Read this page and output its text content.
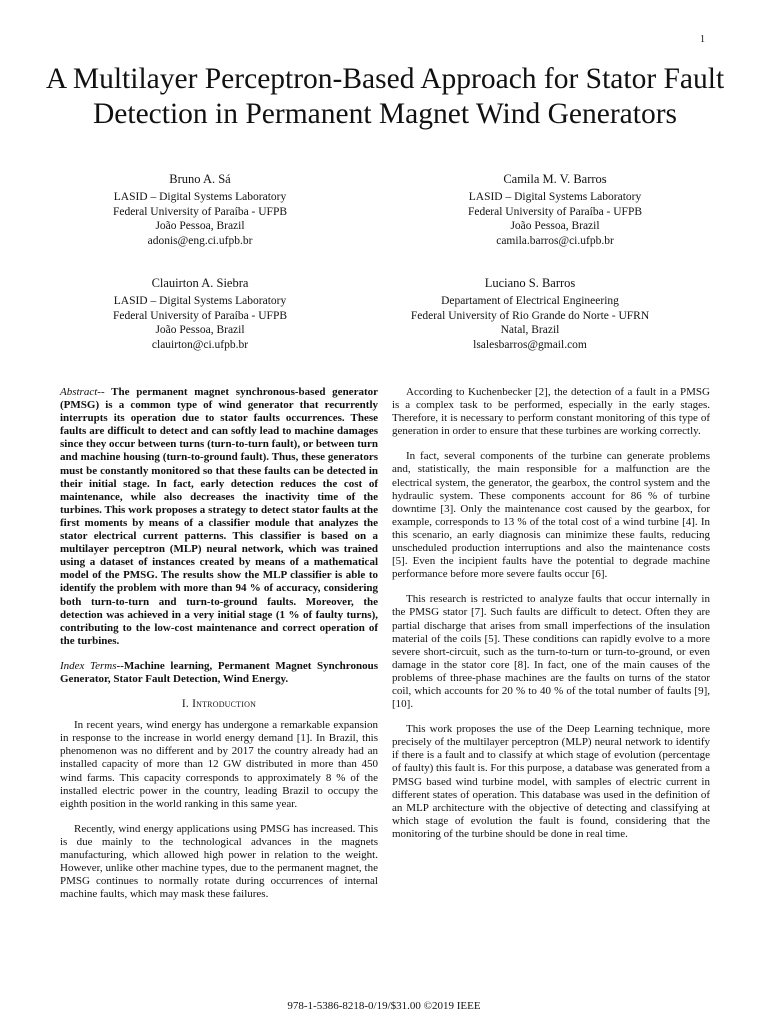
1
A Multilayer Perceptron-Based Approach for Stator Fault Detection in Permanent Magnet Wind Generators
Bruno A. Sá
LASID – Digital Systems Laboratory
Federal University of Paraíba - UFPB
João Pessoa, Brazil
adonis@eng.ci.ufpb.br
Camila M. V. Barros
LASID – Digital Systems Laboratory
Federal University of Paraíba - UFPB
João Pessoa, Brazil
camila.barros@ci.ufpb.br
Clauirton A. Siebra
LASID – Digital Systems Laboratory
Federal University of Paraíba - UFPB
João Pessoa, Brazil
clauirton@ci.ufpb.br
Luciano S. Barros
Departament of Electrical Engineering
Federal University of Rio Grande do Norte - UFRN
Natal, Brazil
lsalesbarros@gmail.com

Abstract-- The permanent magnet synchronous-based generator (PMSG) is a common type of wind generator that recurrently interrupts its operation due to stator faults occurrences. These faults are difficult to detect and can softly lead to machine damages since they occur between turns (turn-to-turn fault), or between turn and machine housing (turn-to-ground fault). Thus, these generators must be constantly monitored so that these faults can be detected in their initial stage. In fact, early detection reduces the cost of maintenance, while also decreases the inactivity time of the turbines. This work proposes a strategy to detect stator faults at the first moments by means of a classifier module that analyzes the stator electrical current patterns. This classifier is based on a multilayer perceptron (MLP) neural network, which was trained using a dataset of instances created by means of a mathematical model of the PMSG. The results show the MLP classifier is able to identify the problem with more than 94 % of accuracy, considering both turn-to-turn and turn-to-ground faults. Moreover, the detection was achieved in a very initial stage (1 % of faulty turns), contributing to the low-cost maintenance and correct operation of the turbines.

Index Terms--Machine learning, Permanent Magnet Synchronous Generator, Stator Fault Detection, Wind Energy.

I. Introduction

In recent years, wind energy has undergone a remarkable expansion in response to the increase in world energy demand [1]. In Brazil, this phenomenon was no different and by 2017 the country already had an installed capacity of more than 12 GW distributed in more than 450 wind farms. This capacity corresponds to approximately 8 % of the installed electric power in the country, leading Brazil to occupy the eighth position in the world ranking in this same year.

Recently, wind energy applications using PMSG has increased. This is due mainly to the technological advances in the magnets manufacturing, which allowed high power in relation to the weight. However, unlike other machine types, due to the permanent magnet, the PMSG continues to normally rotate during occurrences of internal machine faults, which may mask these failures.

According to Kuchenbecker [2], the detection of a fault in a PMSG is a complex task to be performed, especially in the early stages. Therefore, it is necessary to perform constant monitoring of this type of generation in order to ensure that these turbines are working correctly.

In fact, several components of the turbine can generate problems and, statistically, the main responsible for a malfunction are the electrical system, the generator, the gearbox, the control system and the hydraulic system. These components account for 86 % of turbine downtime [3]. Only the maintenance cost caused by the gearbox, for example, corresponds to 13 % of the total cost of a wind turbine [4]. In this scenario, an early diagnosis can minimize these faults, reducing unscheduled production interruptions and also the maintenance costs [5]. Even the incipient faults have the potential to degrade machine performance before more severe faults occur [6].

This research is restricted to analyze faults that occur internally in the PMSG stator [7]. Such faults are difficult to detect. Often they are partial discharge that arises from small imperfections of the insulation material of the coils [5]. These conditions can rapidly evolve to a more severe short-circuit, such as the turn-to-turn or turn-to-ground, or even damage in the stator core [8]. In fact, one of the main causes of the problems of three-phase machines are the faults on turns of the stator coil, which accounts for 20 % to 40 % of the total number of faults [9], [10].

This work proposes the use of the Deep Learning technique, more precisely of the multilayer perceptron (MLP) neural network to identify if there is a fault and to classify at which stage of evolution (percentage of faulty) this fault is. For this purpose, a database was generated from a PMSG based wind turbine model, with samples of electric current in different states of operation. This database was used in the definition of an MLP architecture with the objective of detecting and classifying at which stage of evolution the fault is found, considering that the monitoring of the turbine should be done in real time.

978-1-5386-8218-0/19/$31.00 ©2019 IEEE
